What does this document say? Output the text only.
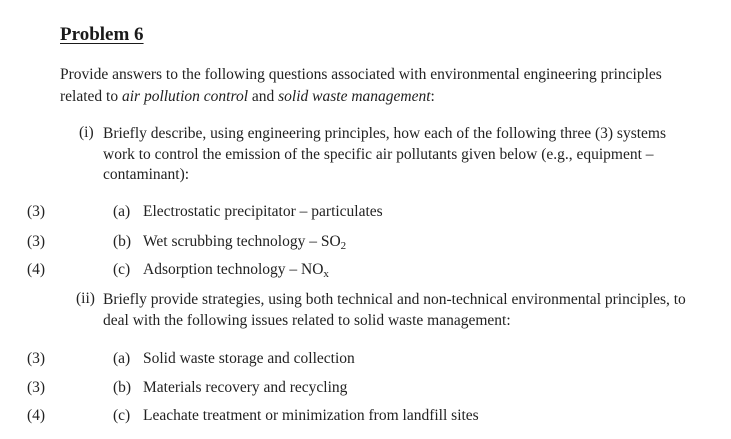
Problem 6
Provide answers to the following questions associated with environmental engineering principles related to air pollution control and solid waste management:
(i) Briefly describe, using engineering principles, how each of the following three (3) systems work to control the emission of the specific air pollutants given below (e.g., equipment – contaminant):
(3)	(a) Electrostatic precipitator – particulates
(3)	(b) Wet scrubbing technology – $SO_2$
(4)	(c) Adsorption technology – $NO_x$
(ii) Briefly provide strategies, using both technical and non-technical environmental principles, to deal with the following issues related to solid waste management:
(3)	(a) Solid waste storage and collection
(3)	(b) Materials recovery and recycling
(4)	(c) Leachate treatment or minimization from landfill sites
